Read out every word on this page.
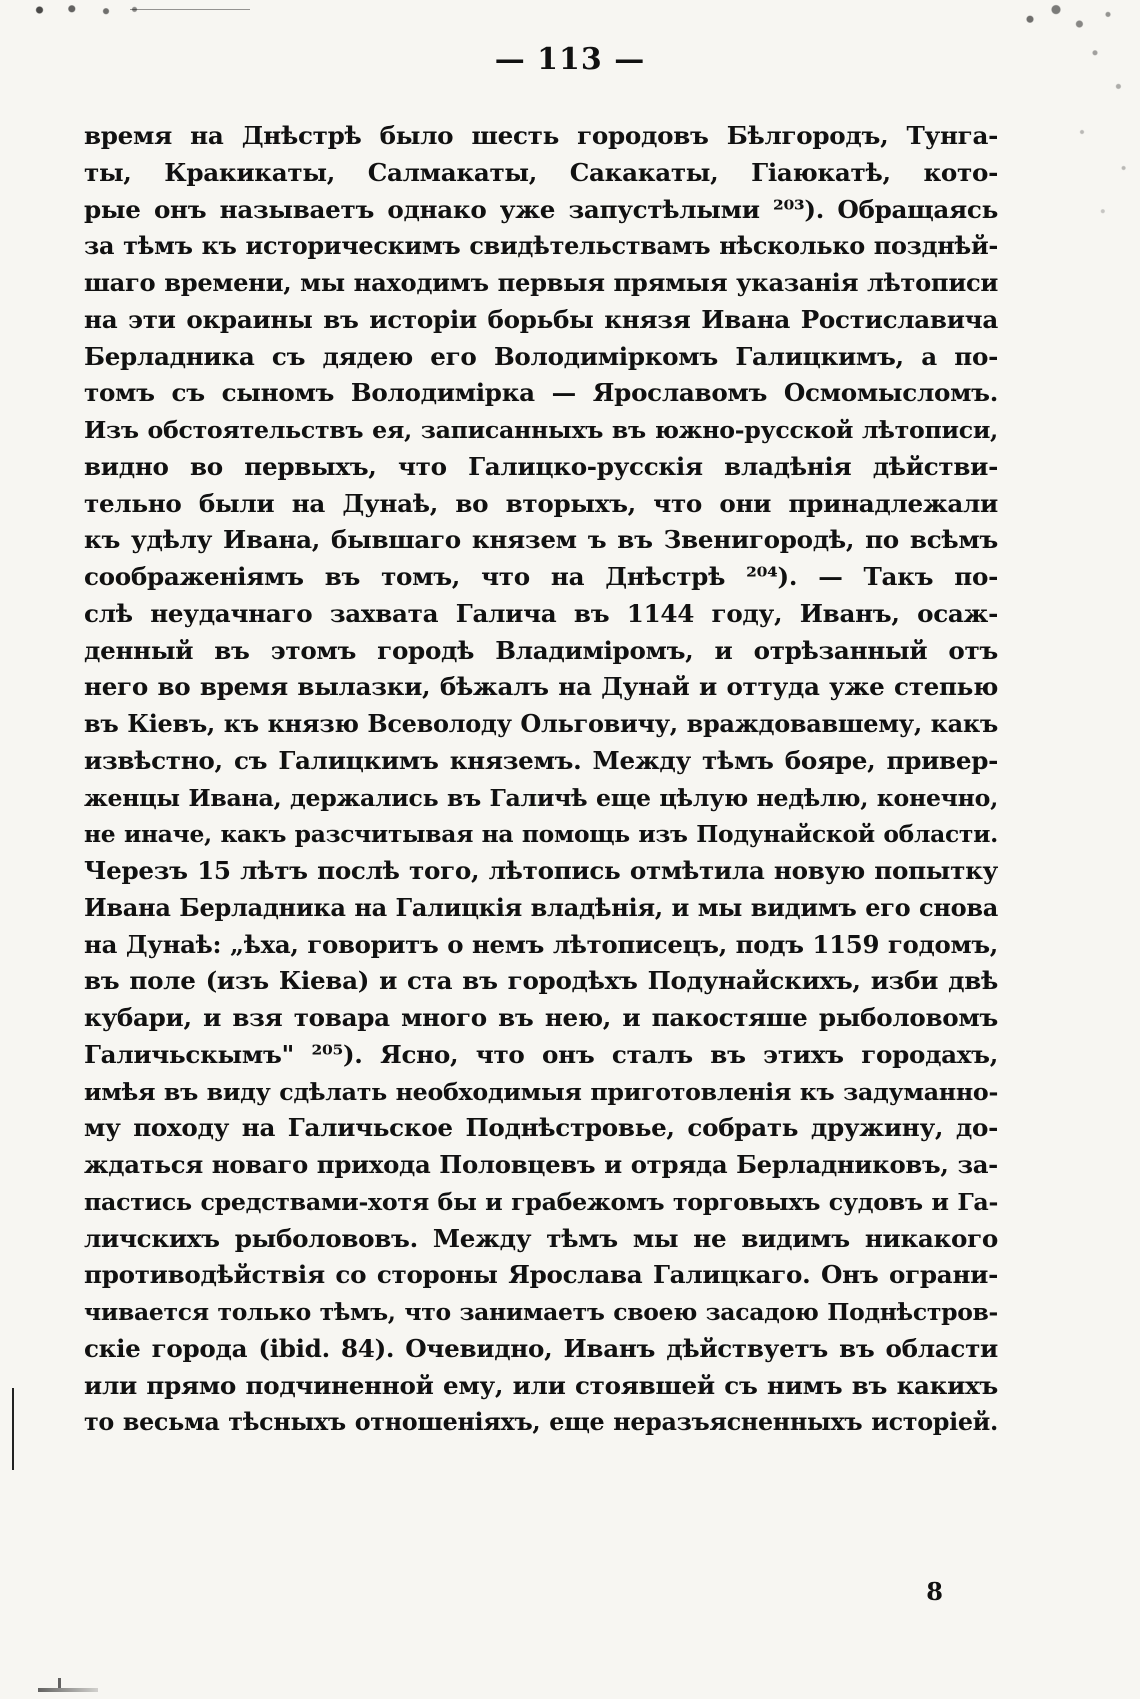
— 113 —
время на Днѣстрѣ было шесть городовъ Бѣлгородъ, Тунга-
ты, Кракикаты, Салмакаты, Сакакаты, Гіаюкатѣ, кото-
рые онъ называетъ однако уже запустѣлыми ²⁰³). Обращаясь
за тѣмъ къ историческимъ свидѣтельствамъ нѣсколько позднѣй-
шаго времени, мы находимъ первыя прямыя указанія лѣтописи
на эти окраины въ исторіи борьбы князя Ивана Ростиславича
Берладника съ дядею его Володимiркомъ Галицкимъ, а по-
томъ съ сыномъ Володимірка — Ярославомъ Осмомысломъ.
Изъ обстоятельствъ ея, записанныхъ въ южно-русской лѣтописи,
видно во первыхъ, что Галицко-русскія владѣнія дѣйстви-
тельно были на Дунаѣ, во вторыхъ, что они принадлежали
къ удѣлу Ивана, бывшаго князем ъ въ Звенигородѣ, по всѣмъ
соображеніямъ въ томъ, что на Днѣстрѣ ²⁰⁴). — Такъ по-
слѣ неудачнаго захвата Галича въ 1144 году, Иванъ, осаж-
денный въ этомъ городѣ Владиміромъ, и отрѣзанный отъ
него во время вылазки, бѣжалъ на Дунай и оттуда уже степью
въ Кiевъ, къ князю Всеволоду Ольговичу, враждовавшему, какъ
извѣстно, съ Галицкимъ княземъ. Между тѣмъ бояре, привер-
женцы Ивана, держались въ Галичѣ еще цѣлую недѣлю, конечно,
не иначе, какъ разсчитывая на помощь изъ Подунайской области.
Черезъ 15 лѣтъ послѣ того, лѣтопись отмѣтила новую попытку
Ивана Берладника на Галицкія владѣнія, и мы видимъ его снова
на Дунаѣ: „ѣха, говоритъ о немъ лѣтописецъ, подъ 1159 годомъ,
въ поле (изъ Кiева) и ста въ городѣхъ Подунайскихъ, изби двѣ
кубари, и взя товара много въ нею, и пакостяше рыболовомъ
Галичьскымъ" ²⁰⁵). Ясно, что онъ сталъ въ этихъ городахъ,
имѣя въ виду сдѣлать необходимыя приготовленія къ задуманно-
му походу на Галичьское Поднѣстровье, собрать дружину, до-
ждаться новаго прихода Половцевъ и отряда Берладниковъ, за-
пастись средствами-хотя бы и грабежомъ торговыхъ судовъ и Га-
личскихъ рыболововъ. Между тѣмъ мы не видимъ никакого
противодѣйствія со стороны Ярослава Галицкаго. Онъ ограни-
чивается только тѣмъ, что занимаетъ своею засадою Поднѣстров-
скіе города (ibid. 84). Очевидно, Иванъ дѣйствуетъ въ области
или прямо подчиненной ему, или стоявшей съ нимъ въ какихъ
то весьма тѣсныхъ отношеніяхъ, еще неразъясненныхъ исторіей.
8
